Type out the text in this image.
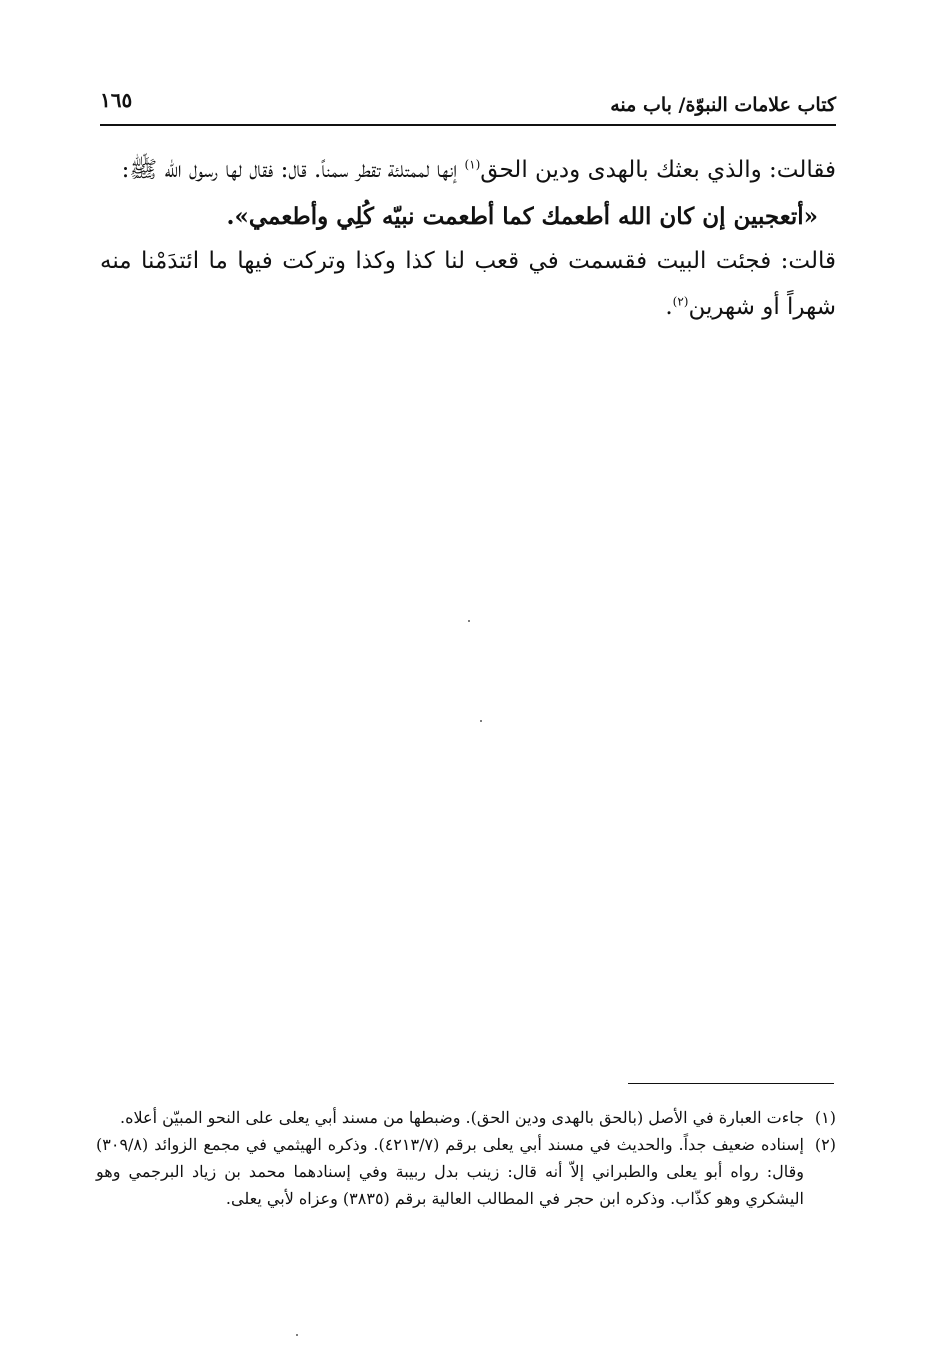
كتاب علامات النبوّة/ باب منه
١٦٥

فقالت: والذي بعثك بالهدى ودين الحق$^{(١)}$ إنها لممتلئة تقطر سمناً. قال: فقال لها رسول الله ﷺ:

«أتعجبين إن كان الله أطعمك كما أطعمت نبيّه كُلِي وأطعمي».

قالت: فجئت البيت فقسمت في قعب لنا كذا وكذا وتركت فيها ما ائتدَمْنا منه شهراً أو شهرين$^{(٢)}$.

(١)
جاءت العبارة في الأصل (بالحق بالهدى ودين الحق). وضبطها من مسند أبي يعلى على النحو المبيّن أعلاه.

(٢)
إسناده ضعيف جداً. والحديث في مسند أبي يعلى برقم (٤٢١٣/٧). وذكره الهيثمي في مجمع الزوائد (٣٠٩/٨) وقال: رواه أبو يعلى والطبراني إلاّ أنه قال: زينب بدل ربيبة وفي إسنادهما محمد بن زياد البرجمي وهو اليشكري وهو كذّاب. وذكره ابن حجر في المطالب العالية برقم (٣٨٣٥) وعزاه لأبي يعلى.
